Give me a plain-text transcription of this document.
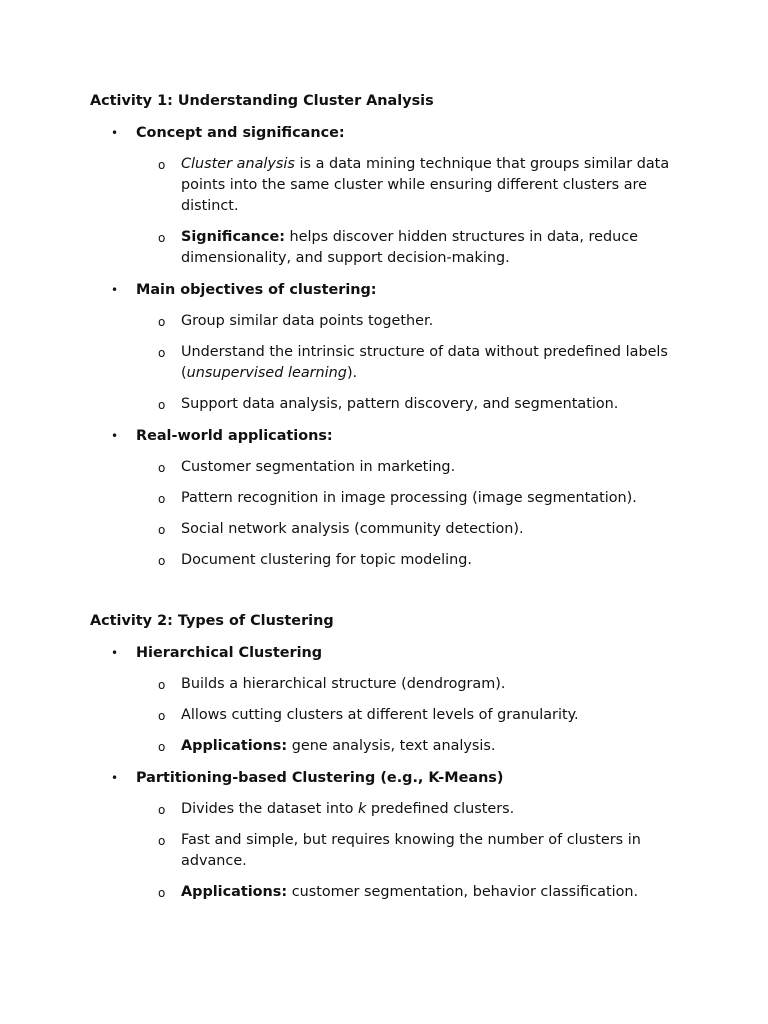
Activity 1: Understanding Cluster Analysis
• Concept and significance:
o Cluster analysis is a data mining technique that groups similar data points into the same cluster while ensuring different clusters are distinct.
o Significance: helps discover hidden structures in data, reduce dimensionality, and support decision-making.
• Main objectives of clustering:
o Group similar data points together.
o Understand the intrinsic structure of data without predefined labels (unsupervised learning).
o Support data analysis, pattern discovery, and segmentation.
• Real-world applications:
o Customer segmentation in marketing.
o Pattern recognition in image processing (image segmentation).
o Social network analysis (community detection).
o Document clustering for topic modeling.
Activity 2: Types of Clustering
• Hierarchical Clustering
o Builds a hierarchical structure (dendrogram).
o Allows cutting clusters at different levels of granularity.
o Applications: gene analysis, text analysis.
• Partitioning-based Clustering (e.g., K-Means)
o Divides the dataset into k predefined clusters.
o Fast and simple, but requires knowing the number of clusters in advance.
o Applications: customer segmentation, behavior classification.
